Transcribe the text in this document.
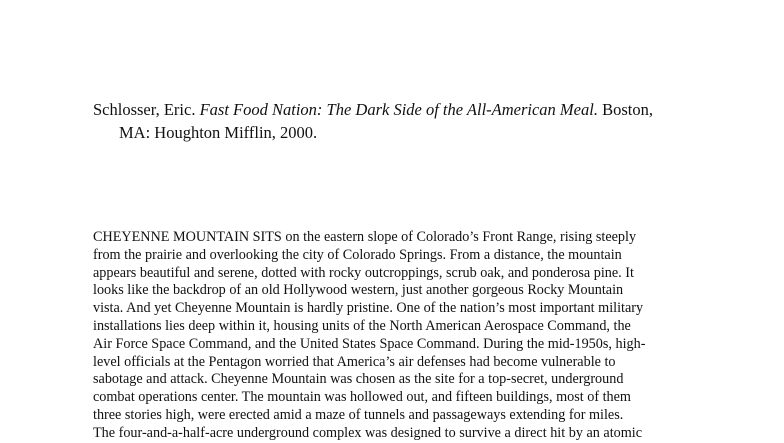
Schlosser, Eric. Fast Food Nation: The Dark Side of the All-American Meal. Boston,
MA: Houghton Mifflin, 2000.

CHEYENNE MOUNTAIN SITS on the eastern slope of Colorado’s Front Range, rising steeply
from the prairie and overlooking the city of Colorado Springs. From a distance, the mountain
appears beautiful and serene, dotted with rocky outcroppings, scrub oak, and ponderosa pine. It
looks like the backdrop of an old Hollywood western, just another gorgeous Rocky Mountain
vista. And yet Cheyenne Mountain is hardly pristine. One of the nation’s most important military
installations lies deep within it, housing units of the North American Aerospace Command, the
Air Force Space Command, and the United States Space Command. During the mid-1950s, high-
level officials at the Pentagon worried that America’s air defenses had become vulnerable to
sabotage and attack. Cheyenne Mountain was chosen as the site for a top-secret, underground
combat operations center. The mountain was hollowed out, and fifteen buildings, most of them
three stories high, were erected amid a maze of tunnels and passageways extending for miles.
The four-and-a-half-acre underground complex was designed to survive a direct hit by an atomic
